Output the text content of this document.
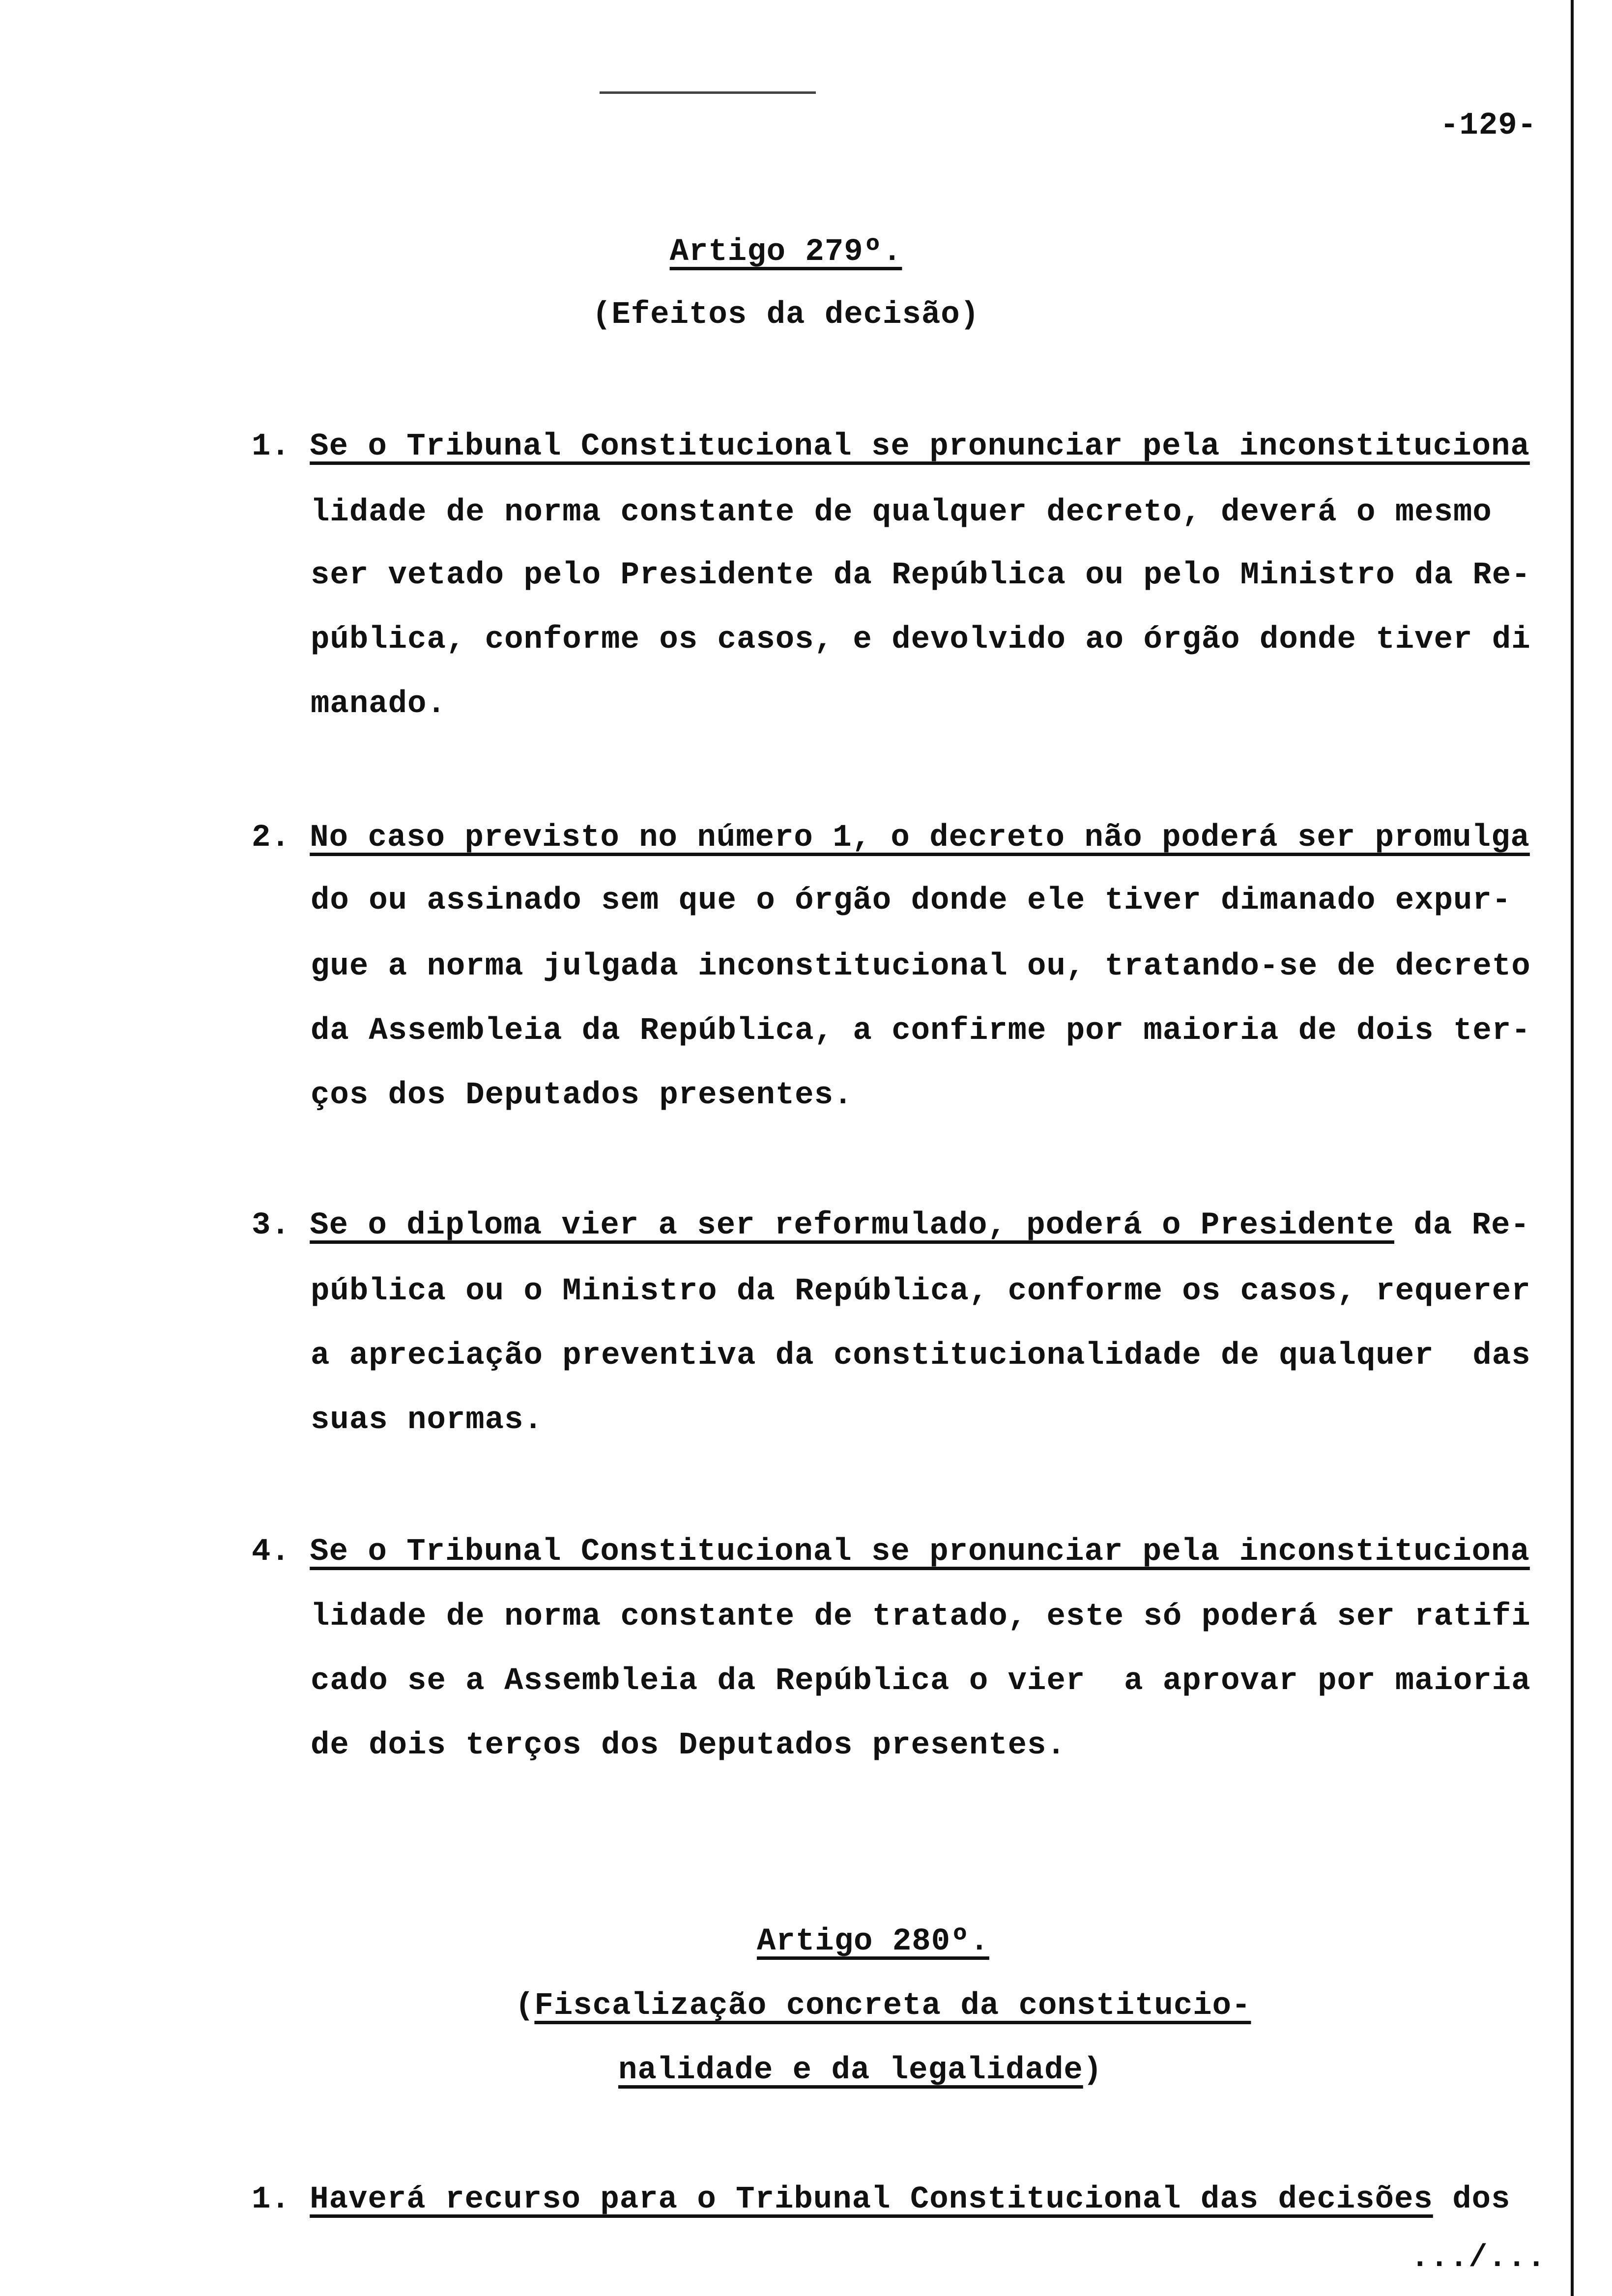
-129-
Artigo 279º.
(Efeitos da decisão)
1. Se o Tribunal Constitucional se pronunciar pela inconstituciona
lidade de norma constante de qualquer decreto, deverá o mesmo
ser vetado pelo Presidente da República ou pelo Ministro da Re-
pública, conforme os casos, e devolvido ao órgão donde tiver di
manado.
2. No caso previsto no número 1, o decreto não poderá ser promulga
do ou assinado sem que o órgão donde ele tiver dimanado expur-
gue a norma julgada inconstitucional ou, tratando-se de decreto
da Assembleia da República, a confirme por maioria de dois ter-
ços dos Deputados presentes.
3. Se o diploma vier a ser reformulado, poderá o Presidente da Re-
pública ou o Ministro da República, conforme os casos, requerer
a apreciação preventiva da constitucionalidade de qualquer  das
suas normas.
4. Se o Tribunal Constitucional se pronunciar pela inconstituciona
lidade de norma constante de tratado, este só poderá ser ratifi
cado se a Assembleia da República o vier  a aprovar por maioria
de dois terços dos Deputados presentes.
Artigo 280º.
(Fiscalização concreta da constitucio-
nalidade e da legalidade)
1. Haverá recurso para o Tribunal Constitucional das decisões dos
.../...
